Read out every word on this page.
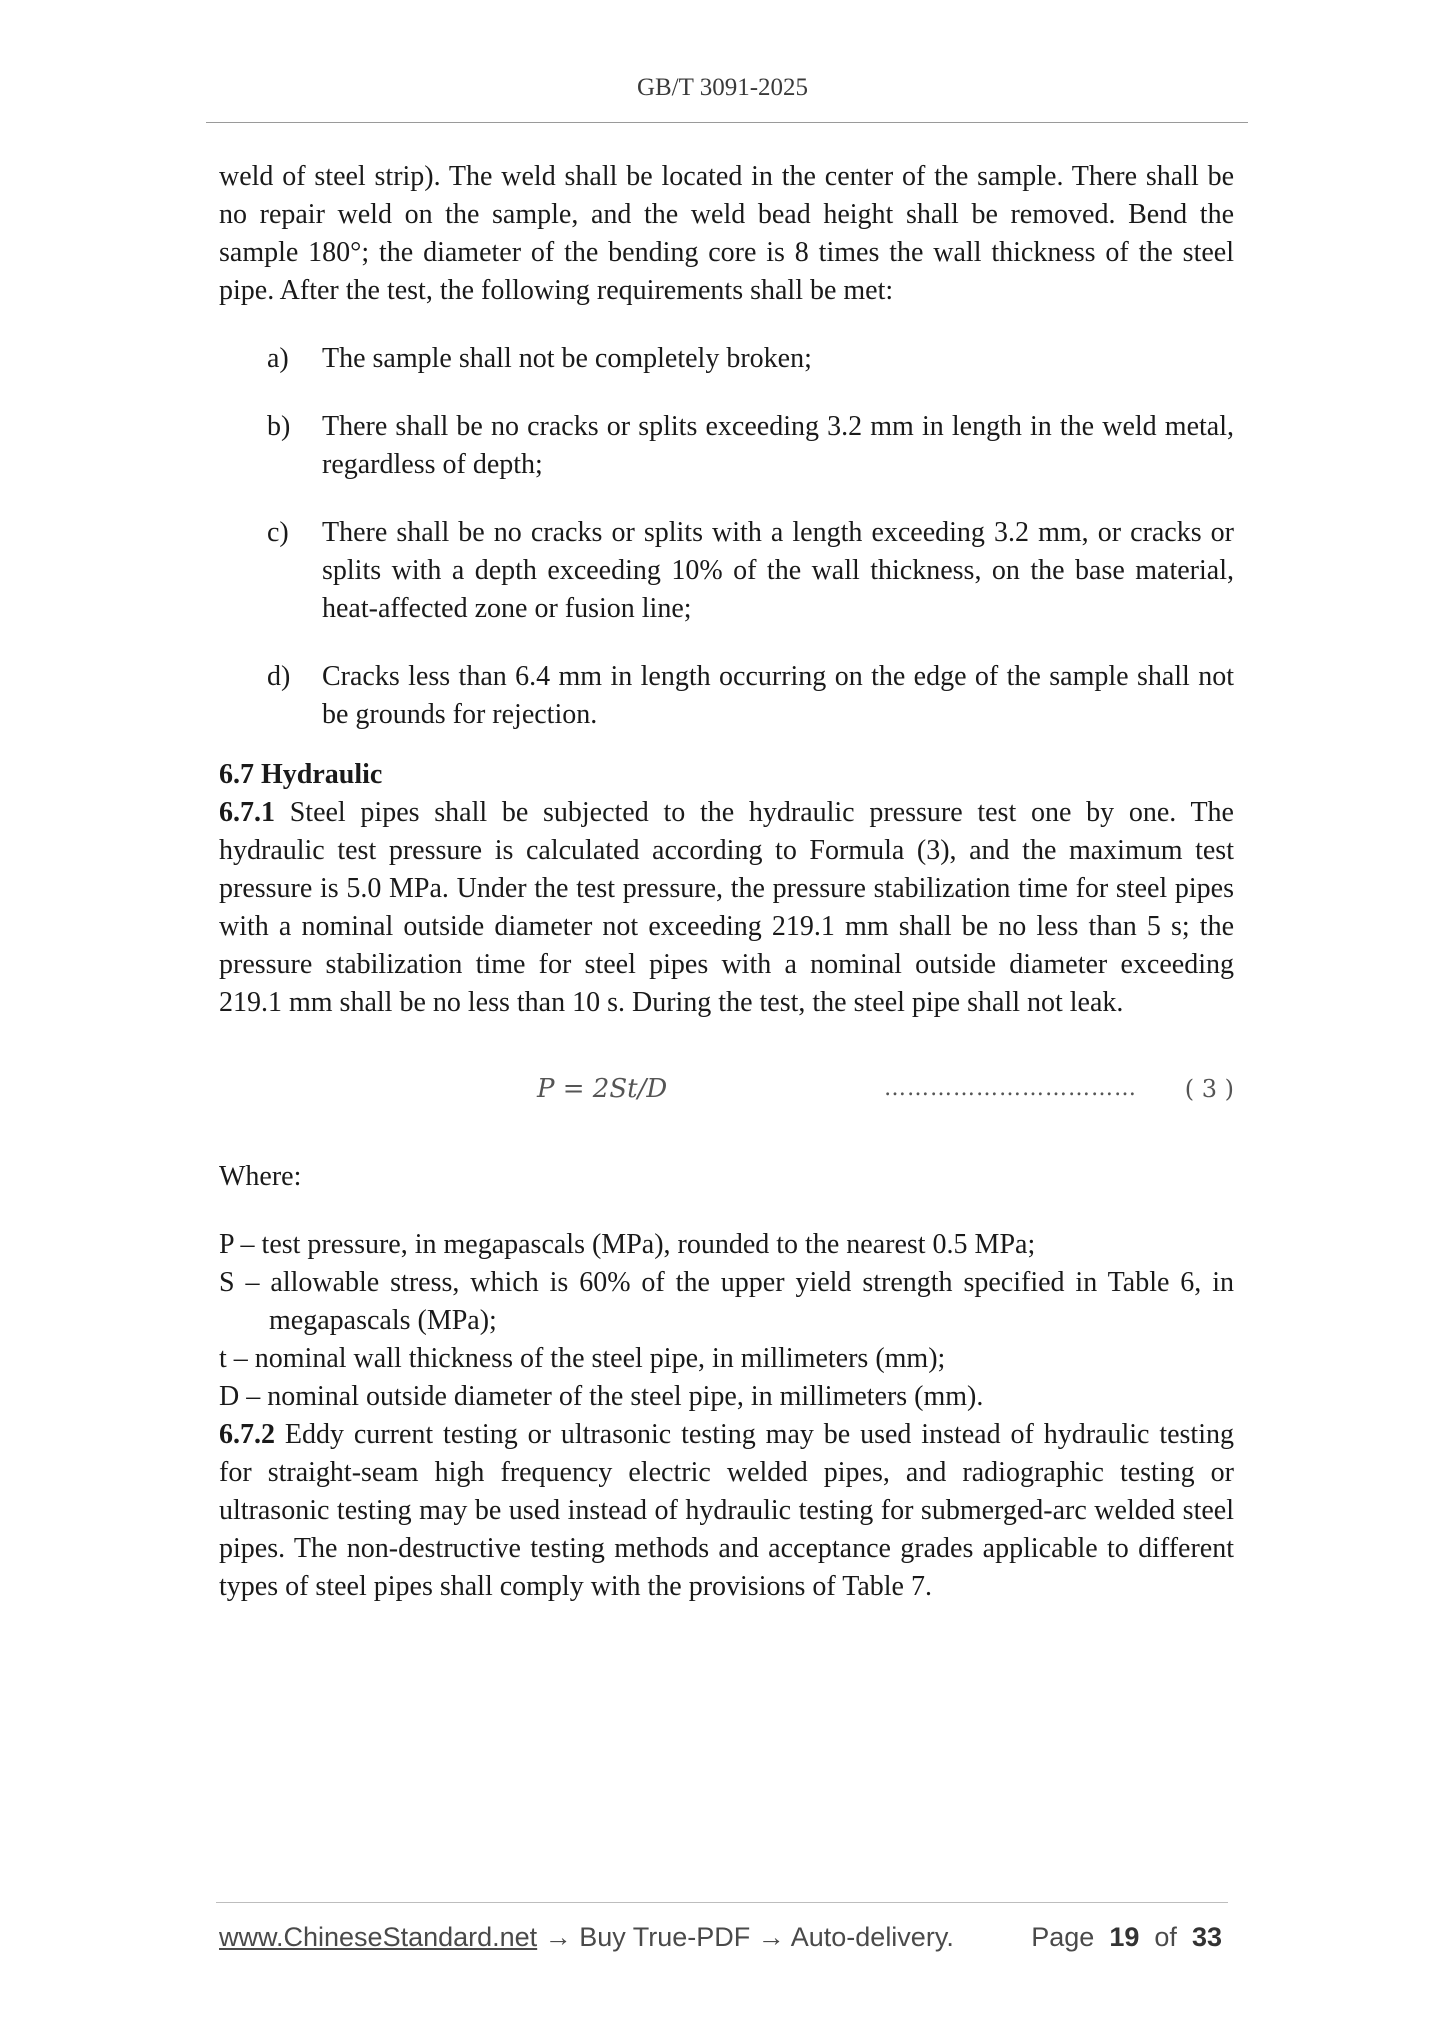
GB/T 3091-2025

weld of steel strip). The weld shall be located in the center of the sample. There shall be no repair weld on the sample, and the weld bead height shall be removed. Bend the sample 180°; the diameter of the bending core is 8 times the wall thickness of the steel pipe. After the test, the following requirements shall be met:

a)	The sample shall not be completely broken;
b)	There shall be no cracks or splits exceeding 3.2 mm in length in the weld metal, regardless of depth;
c)	There shall be no cracks or splits with a length exceeding 3.2 mm, or cracks or splits with a depth exceeding 10% of the wall thickness, on the base material, heat-affected zone or fusion line;
d)	Cracks less than 6.4 mm in length occurring on the edge of the sample shall not be grounds for rejection.

6.7 Hydraulic

6.7.1 Steel pipes shall be subjected to the hydraulic pressure test one by one. The hydraulic test pressure is calculated according to Formula (3), and the maximum test pressure is 5.0 MPa. Under the test pressure, the pressure stabilization time for steel pipes with a nominal outside diameter not exceeding 219.1 mm shall be no less than 5 s; the pressure stabilization time for steel pipes with a nominal outside diameter exceeding 219.1 mm shall be no less than 10 s. During the test, the steel pipe shall not leak.

P = 2St/D	…………………………… ( 3 )

Where:

P – test pressure, in megapascals (MPa), rounded to the nearest 0.5 MPa;

S – allowable stress, which is 60% of the upper yield strength specified in Table 6, in megapascals (MPa);

t – nominal wall thickness of the steel pipe, in millimeters (mm);

D – nominal outside diameter of the steel pipe, in millimeters (mm).

6.7.2 Eddy current testing or ultrasonic testing may be used instead of hydraulic testing for straight-seam high frequency electric welded pipes, and radiographic testing or ultrasonic testing may be used instead of hydraulic testing for submerged-arc welded steel pipes. The non-destructive testing methods and acceptance grades applicable to different types of steel pipes shall comply with the provisions of Table 7.

www.ChineseStandard.net → Buy True-PDF → Auto-delivery.	Page 19 of 33
